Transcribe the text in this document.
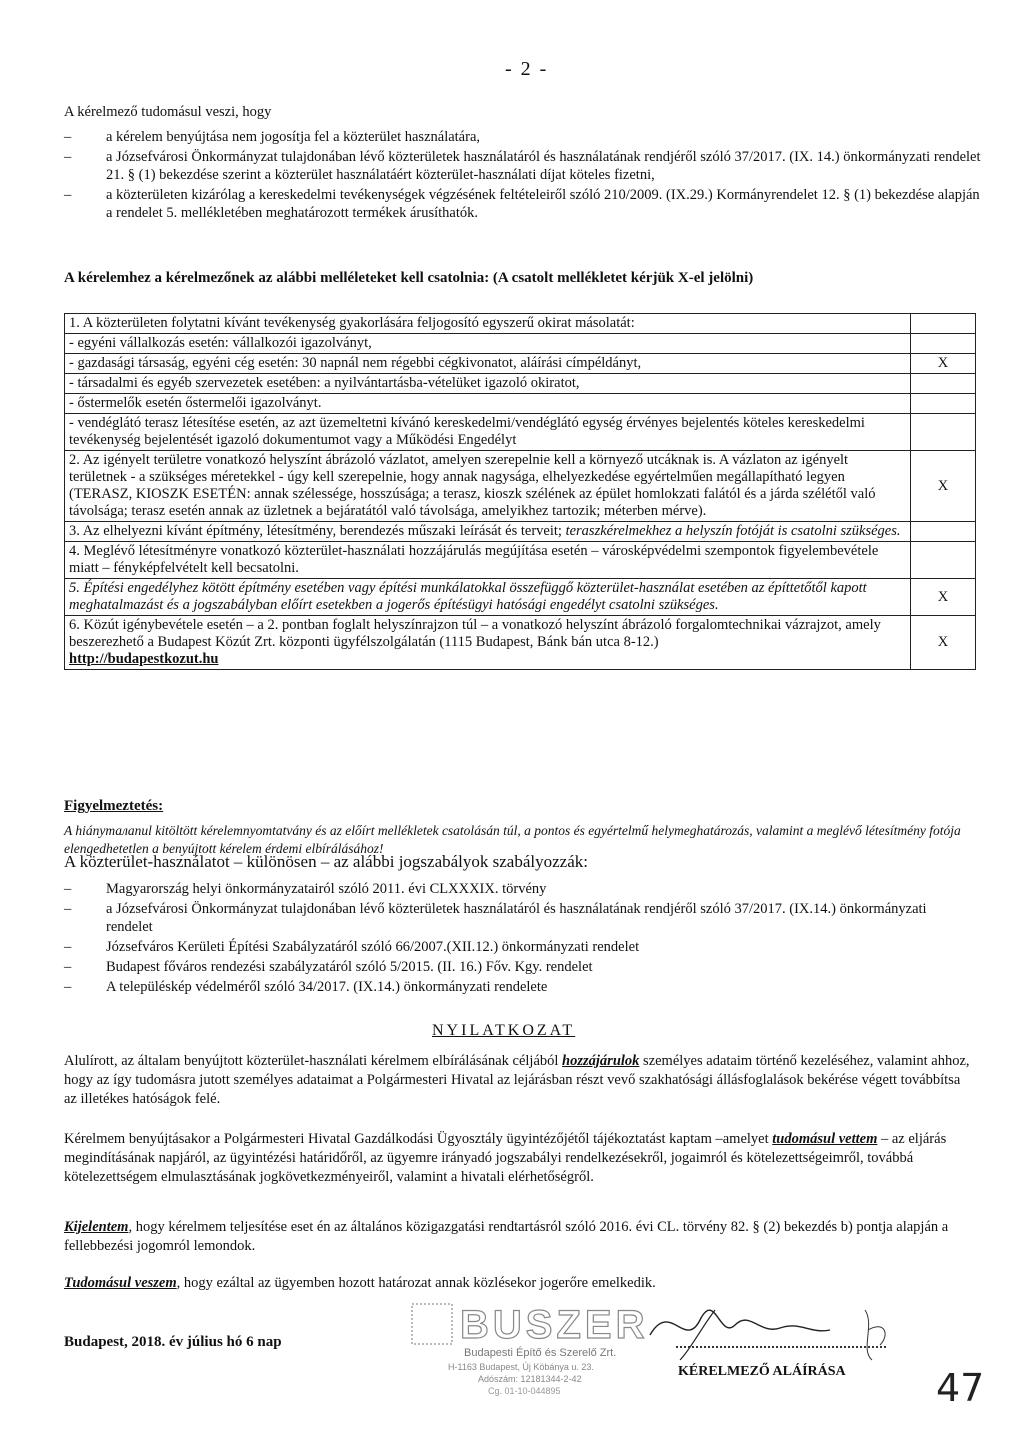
- 2 -
A kérelmező tudomásul veszi, hogy
– a kérelem benyújtása nem jogosítja fel a közterület használatára,
– a Józsefvárosi Önkormányzat tulajdonában lévő közterületek használatáról és használatának rendjéről szóló 37/2017. (IX. 14.) önkormányzati rendelet 21. § (1) bekezdése szerint a közterület használatáért közterület-használati díjat köteles fizetni,
– a közterületen kizárólag a kereskedelmi tevékenységek végzésének feltételeiről szóló 210/2009. (IX.29.) Kormányrendelet 12. § (1) bekezdése alapján a rendelet 5. mellékletében meghatározott termékek árusíthatók.
A kérelemhez a kérelmezőnek az alábbi melléleteket kell csatolnia: (A csatolt mellékletet kérjük X-el jelölni)
1. A közterületen folytatni kívánt tevékenység gyakorlására feljogosító egyszerű okirat másolatát:	
- egyéni vállalkozás esetén: vállalkozói igazolványt,	
- gazdasági társaság, egyéni cég esetén: 30 napnál nem régebbi cégkivonatot, aláírási címpéldányt,	X
- társadalmi és egyéb szervezetek esetében: a nyilvántartásba-vételüket igazoló okiratot,	
- őstermelők esetén őstermelői igazolványt.	
- vendéglátó terasz létesítése esetén, az azt üzemeltetni kívánó kereskedelmi/vendéglátó egység érvényes bejelentés köteles kereskedelmi tevékenység bejelentését igazoló dokumentumot vagy a Működési Engedélyt	
2. Az igényelt területre vonatkozó helyszínt ábrázoló vázlatot, amelyen szerepelnie kell a környező utcáknak is. A vázlaton az igényelt területnek - a szükséges méretekkel - úgy kell szerepelnie, hogy annak nagysága, elhelyezkedése egyértelműen megállapítható legyen (TERASZ, KIOSZK ESETÉN: annak szélessége, hosszúsága; a terasz, kioszk szélének az épület homlokzati falától és a járda szélétől való távolsága; terasz esetén annak az üzletnek a bejáratától való távolsága, amelyikhez tartozik; méterben mérve).	X
3. Az elhelyezni kívánt építmény, létesítmény, berendezés műszaki leírását és terveit; teraszkérelmekhez a helyszín fotóját is csatolni szükséges.	
4. Meglévő létesítményre vonatkozó közterület-használati hozzájárulás megújítása esetén – városképvédelmi szempontok figyelembevétele miatt – fényképfelvételt kell becsatolni.	
5. Építési engedélyhez kötött építmény esetében vagy építési munkálatokkal összefüggő közterület-használat esetében az építtetőtől kapott meghatalmazást és a jogszabályban előírt esetekben a jogerős építésügyi hatósági engedélyt csatolni szükséges.	X
6. Közút igénybevétele esetén – a 2. pontban foglalt helyszínrajzon túl – a vonatkozó helyszínt ábrázoló forgalomtechnikai vázrajzot, amely beszerezhető a Budapest Közút Zrt. központi ügyfélszolgálatán (1115 Budapest, Bánk bán utca 8-12.)
http://budapestkozut.hu	X
Figyelmeztetés:
A hiányталanul kitöltött kérelemnyomtatvány és az előírt mellékletek csatolásán túl, a pontos és egyértelmű helymeghatározás, valamint a meglévő létesítmény fotója elengedhetetlen a benyújtott kérelem érdemi elbírálásához!
A közterület-használatot – különösen – az alábbi jogszabályok szabályozzák:
– Magyarország helyi önkormányzatairól szóló 2011. évi CLXXXIX. törvény
– a Józsefvárosi Önkormányzat tulajdonában lévő közterületek használatáról és használatának rendjéről szóló 37/2017. (IX.14.) önkormányzati rendelet
– Józsefváros Kerületi Építési Szabályzatáról szóló 66/2007.(XII.12.) önkormányzati rendelet
– Budapest főváros rendezési szabályzatáról szóló 5/2015. (II. 16.) Főv. Kgy. rendelet
– A településkép védelméről szóló 34/2017. (IX.14.) önkormányzati rendelete
NYILATKOZAT
Alulírott, az általam benyújtott közterület-használati kérelmem elbírálásának céljából hozzájárulok személyes adataim történő kezeléséhez, valamint ahhoz, hogy az így tudomásra jutott személyes adataimat a Polgármesteri Hivatal az lejárásban részt vevő szakhatósági állásfoglalások bekérése végett továbbítsa az illetékes hatóságok felé.
Kérelmem benyújtásakor a Polgármesteri Hivatal Gazdálkodási Ügyosztály ügyintézőjétől tájékoztatást kaptam –amelyet tudomásul vettem – az eljárás megindításának napjáról, az ügyintézési határidőről, az ügyemre irányadó jogszabályi rendelkezésekről, jogaimról és kötelezettségeimről, továbbá kötelezettségem elmulasztásának jogkövetkezményeiről, valamint a hivatali elérhetőségről.
Kijelentem, hogy kérelmem teljesítése eset én az általános közigazgatási rendtartásról szóló 2016. évi CL. törvény 82. § (2) bekezdés b) pontja alapján a fellebbezési jogomról lemondok.
Tudomásul veszem, hogy ezáltal az ügyemben hozott határozat annak közlésekor jogerőre emelkedik.
Budapest, 2018. év július hó 6 nap	BUSZER
Budapesti Építő és Szerelő Zrt.
H-1163 Budapest, Új Köbánya u. 23.
Adószám: 12181344-2-42
Cg. 01-10-044895
KÉRELMEZŐ ALÁÍRÁSA 47
